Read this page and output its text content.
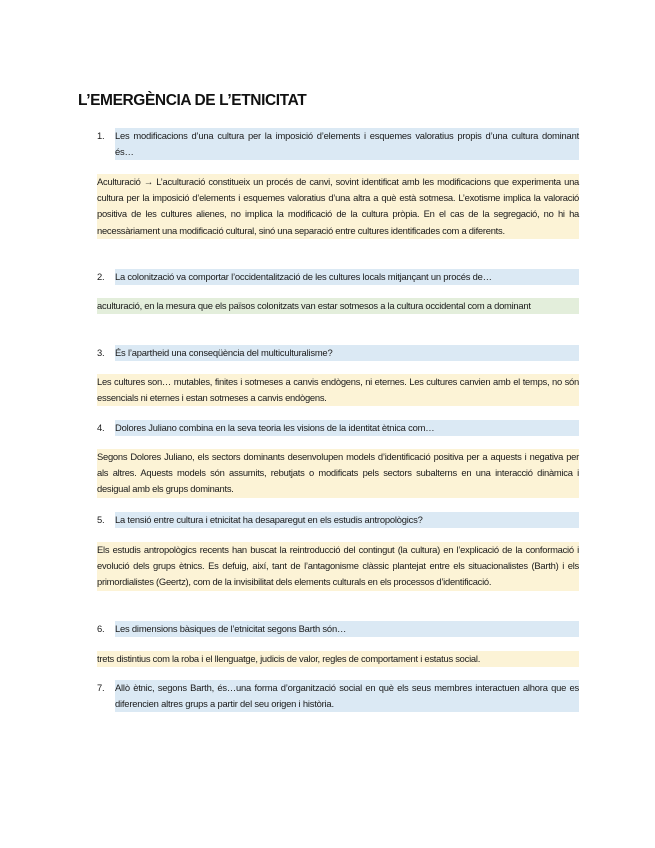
L’EMERGÈNCIA DE L’ETNICITAT
1.	Les modificacions d’una cultura per la imposició d’elements i esquemes valoratius propis d’una cultura dominant és…

Aculturació → L’aculturació constitueix un procés de canvi, sovint identificat amb les modificacions que experimenta una cultura per la imposició d’elements i esquemes valoratius d’una altra a què està sotmesa. L’exotisme implica la valoració positiva de les cultures alienes, no implica la modificació de la cultura pròpia. En el cas de la segregació, no hi ha necessàriament una modificació cultural, sinó una separació entre cultures identificades com a diferents.

2.	La colonització va comportar l’occidentalització de les cultures locals mitjançant un procés de…

aculturació, en la mesura que els països colonitzats van estar sotmesos a la cultura occidental com a dominant

3.	És l’apartheid una conseqüència del multiculturalisme?

Les cultures son… mutables, finites i sotmeses a canvis endògens, ni eternes. Les cultures canvien amb el temps, no són essencials ni eternes i estan sotmeses a canvis endògens.

4.	Dolores Juliano combina en la seva teoria les visions de la identitat ètnica com…

Segons Dolores Juliano, els sectors dominants desenvolupen models d’identificació positiva per a aquests i negativa per als altres. Aquests models són assumits, rebutjats o modificats pels sectors subalterns en una interacció dinàmica i desigual amb els grups dominants.

5.	La tensió entre cultura i etnicitat ha desaparegut en els estudis antropològics?

Els estudis antropològics recents han buscat la reintroducció del contingut (la cultura) en l’explicació de la conformació i evolució dels grups ètnics. Es defuig, així, tant de l’antagonisme clàssic plantejat entre els situacionalistes (Barth) i els primordialistes (Geertz), com de la invisibilitat dels elements culturals en els processos d’identificació.

6.	Les dimensions bàsiques de l’etnicitat segons Barth són…

trets distintius com la roba i el llenguatge, judicis de valor, regles de comportament i estatus social.

7.	Allò ètnic, segons Barth, és…una forma d’organització social en què els seus membres interactuen alhora que es diferencien altres grups a partir del seu origen i història.
